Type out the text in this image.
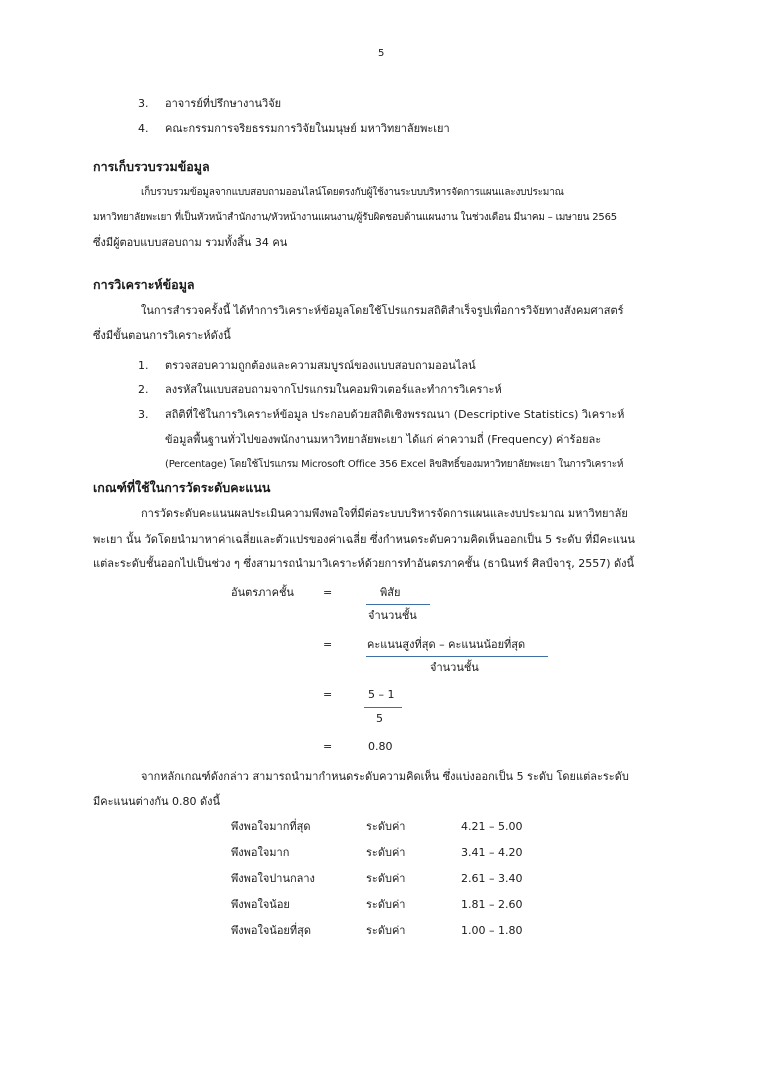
5
3. อาจารย์ที่ปรึกษางานวิจัย
4. คณะกรรมการจริยธรรมการวิจัยในมนุษย์ มหาวิทยาลัยพะเยา
การเก็บรวบรวมข้อมูล
เก็บรวบรวมข้อมูลจากแบบสอบถามออนไลน์โดยตรงกับผู้ใช้งานระบบบริหารจัดการแผนและงบประมาณ
มหาวิทยาลัยพะเยา ที่เป็นหัวหน้าสำนักงาน/หัวหน้างานแผนงาน/ผู้รับผิดชอบด้านแผนงาน ในช่วงเดือน มีนาคม – เมษายน 2565
ซึ่งมีผู้ตอบแบบสอบถาม รวมทั้งสิ้น 34 คน
การวิเคราะห์ข้อมูล
ในการสำรวจครั้งนี้ ได้ทำการวิเคราะห์ข้อมูลโดยใช้โปรแกรมสถิติสำเร็จรูปเพื่อการวิจัยทางสังคมศาสตร์
ซึ่งมีขั้นตอนการวิเคราะห์ดังนี้
1. ตรวจสอบความถูกต้องและความสมบูรณ์ของแบบสอบถามออนไลน์
2. ลงรหัสในแบบสอบถามจากโปรแกรมในคอมพิวเตอร์และทำการวิเคราะห์
3. สถิติที่ใช้ในการวิเคราะห์ข้อมูล ประกอบด้วยสถิติเชิงพรรณนา (Descriptive Statistics) วิเคราะห์
ข้อมูลพื้นฐานทั่วไปของพนักงานมหาวิทยาลัยพะเยา ได้แก่ ค่าความถี่ (Frequency) ค่าร้อยละ
(Percentage) โดยใช้โปรแกรม Microsoft Office 356 Excel ลิขสิทธิ์ของมหาวิทยาลัยพะเยา ในการวิเคราะห์
เกณฑ์ที่ใช้ในการวัดระดับคะแนน
การวัดระดับคะแนนผลประเมินความพึงพอใจที่มีต่อระบบบริหารจัดการแผนและงบประมาณ มหาวิทยาลัย
พะเยา นั้น วัดโดยนำมาหาค่าเฉลี่ยและตัวแปรของค่าเฉลี่ย ซึ่งกำหนดระดับความคิดเห็นออกเป็น 5 ระดับ ที่มีคะแนน
แต่ละระดับชั้นออกไปเป็นช่วง ๆ ซึ่งสามารถนำมาวิเคราะห์ด้วยการทำอันตรภาคชั้น (ธานินทร์ ศิลป์จารุ, 2557) ดังนี้
อันตรภาคชั้น	=	พิสัย
จำนวนชั้น
=	คะแนนสูงที่สุด – คะแนนน้อยที่สุด
จำนวนชั้น
=	5 – 1
5
=	0.80
จากหลักเกณฑ์ดังกล่าว สามารถนำมากำหนดระดับความคิดเห็น ซึ่งแบ่งออกเป็น 5 ระดับ โดยแต่ละระดับ
มีคะแนนต่างกัน 0.80 ดังนี้
พึงพอใจมากที่สุด	ระดับค่า	4.21 – 5.00
พึงพอใจมาก	ระดับค่า	3.41 – 4.20
พึงพอใจปานกลาง	ระดับค่า	2.61 – 3.40
พึงพอใจน้อย	ระดับค่า	1.81 – 2.60
พึงพอใจน้อยที่สุด	ระดับค่า	1.00 – 1.80
